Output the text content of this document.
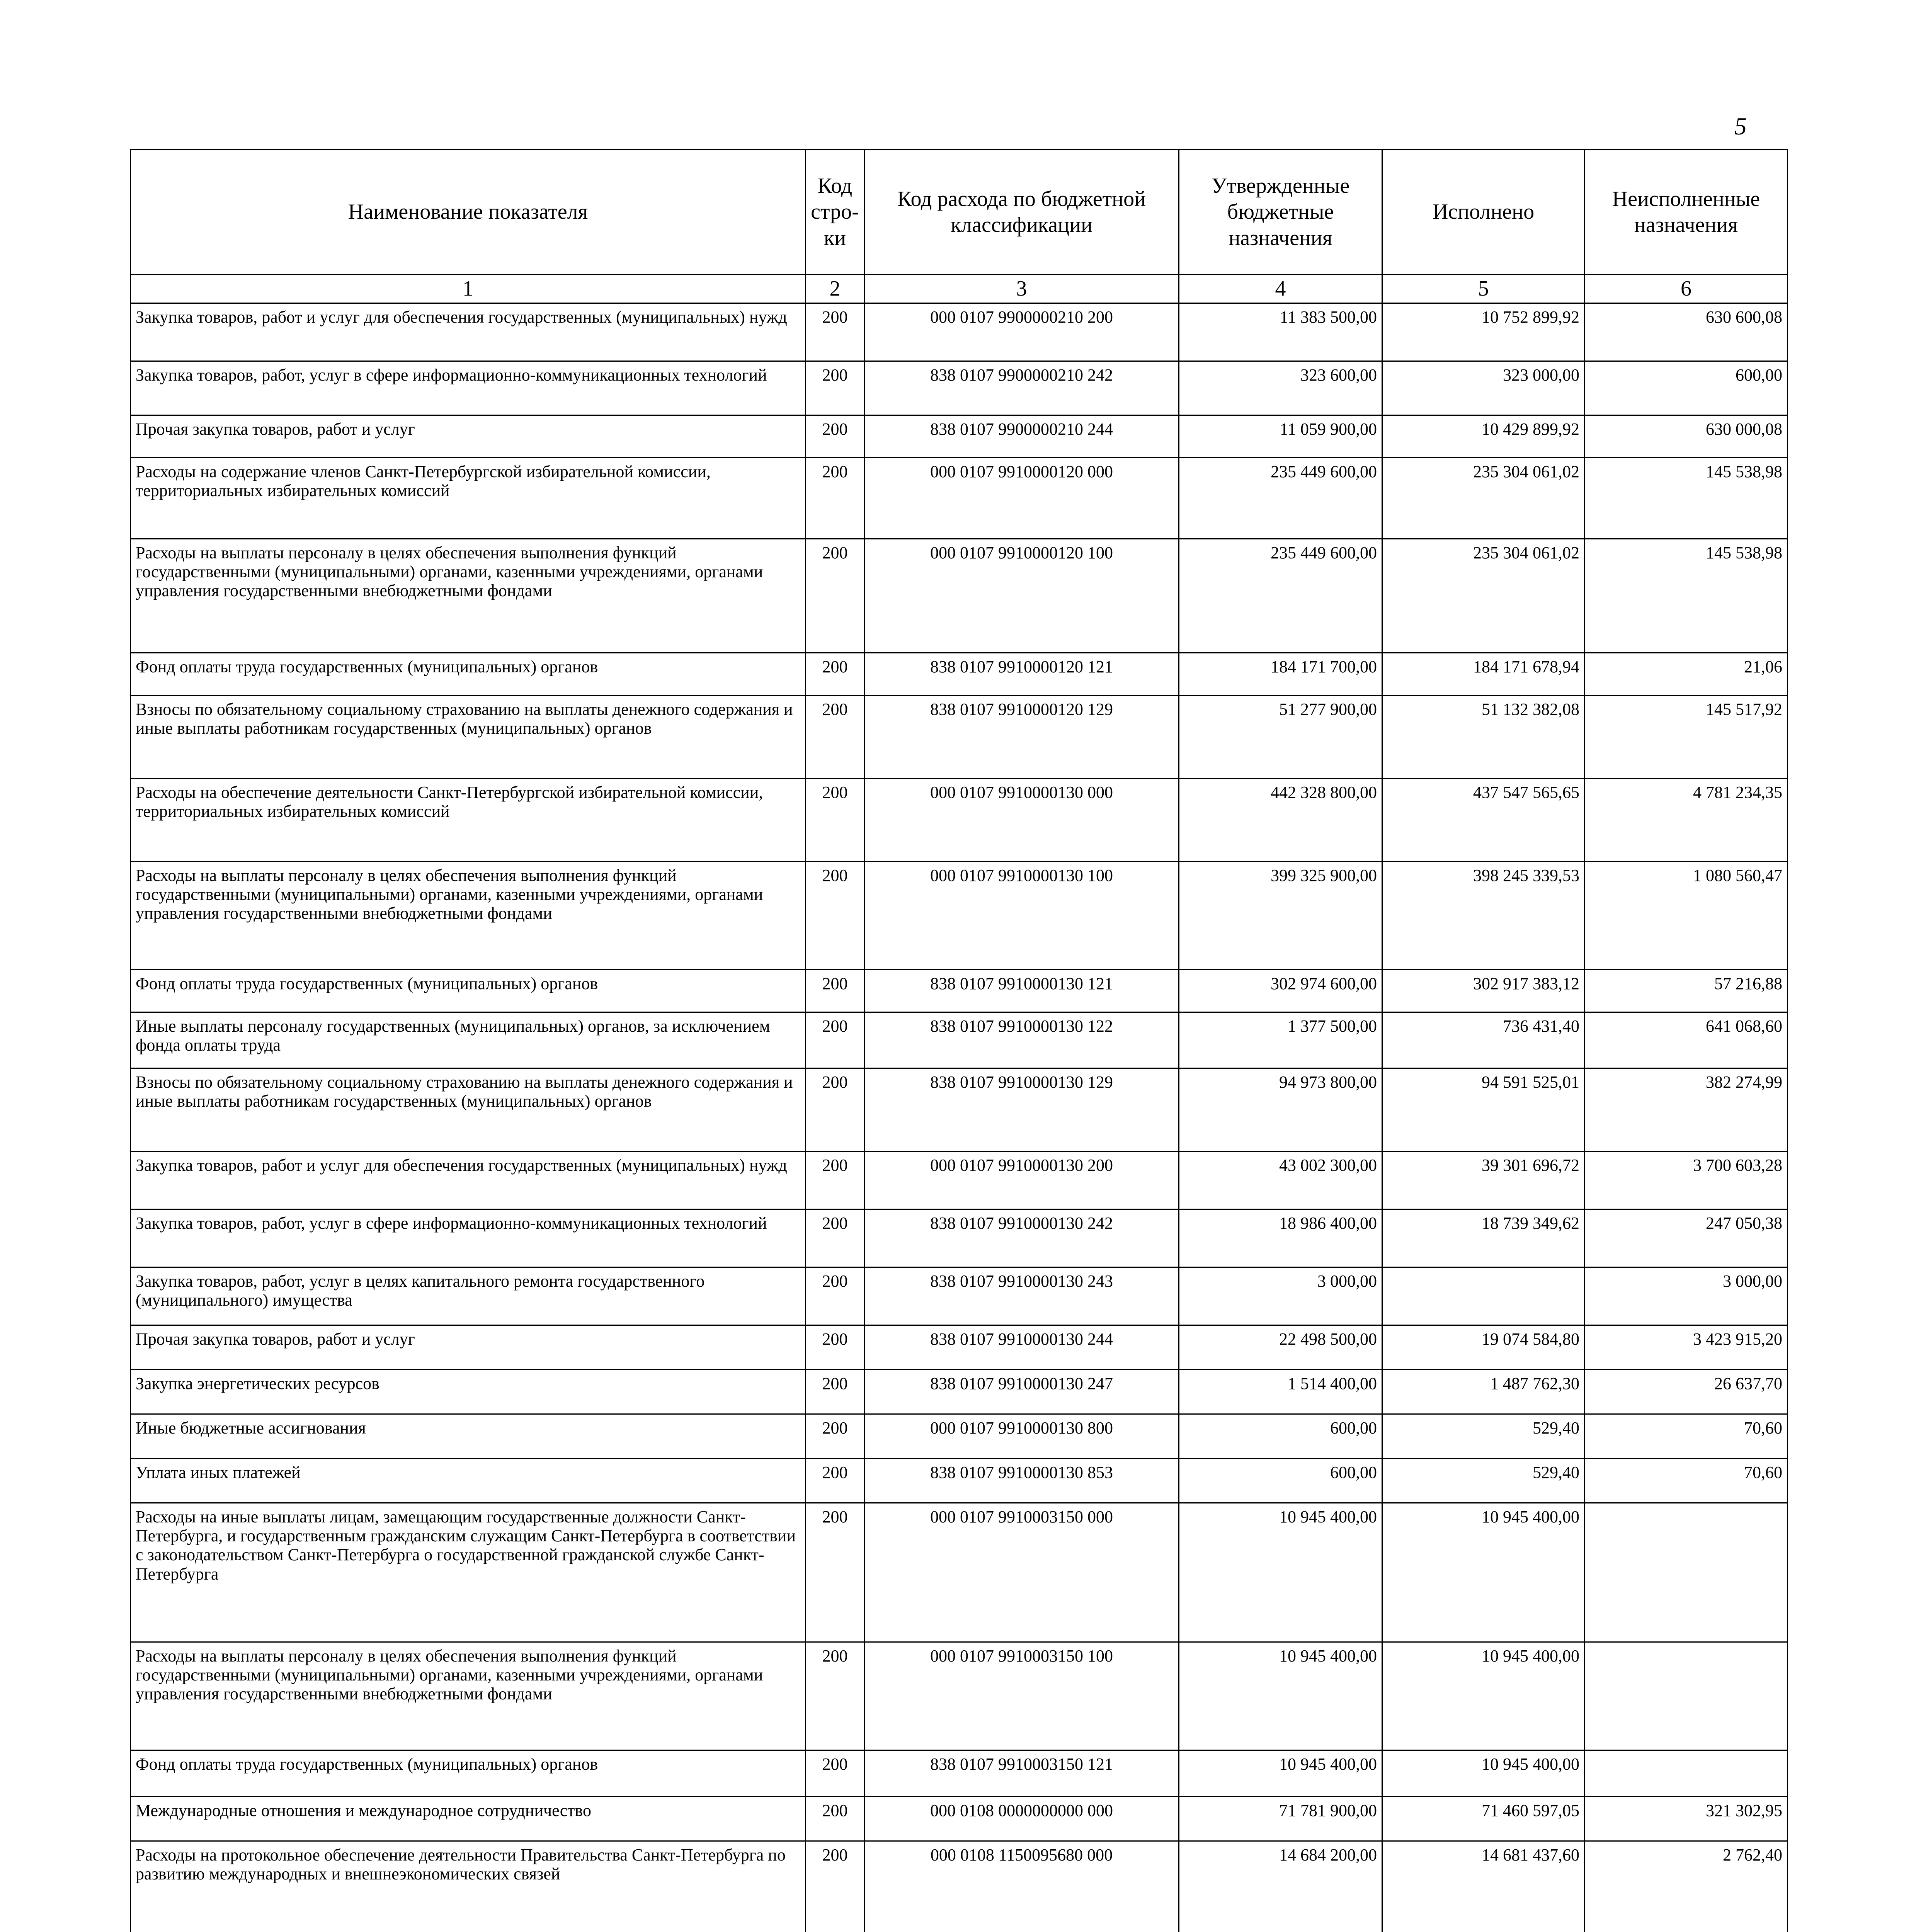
5
Наименование показателя	Код стро-ки	Код расхода по бюджетной классификации	Утвержденные бюджетные назначения	Исполнено	Неисполненные назначения
1	2	3	4	5	6
Закупка товаров, работ и услуг для обеспечения государственных (муниципальных) нужд	200	000 0107 9900000210 200	11 383 500,00	10 752 899,92	630 600,08
Закупка товаров, работ, услуг в сфере информационно-коммуникационных технологий	200	838 0107 9900000210 242	323 600,00	323 000,00	600,00
Прочая закупка товаров, работ и услуг	200	838 0107 9900000210 244	11 059 900,00	10 429 899,92	630 000,08
Расходы на содержание членов Санкт-Петербургской избирательной комиссии, территориальных избирательных комиссий	200	000 0107 9910000120 000	235 449 600,00	235 304 061,02	145 538,98
Расходы на выплаты персоналу в целях обеспечения выполнения функций государственными (муниципальными) органами, казенными учреждениями, органами управления государственными внебюджетными фондами	200	000 0107 9910000120 100	235 449 600,00	235 304 061,02	145 538,98
Фонд оплаты труда государственных (муниципальных) органов	200	838 0107 9910000120 121	184 171 700,00	184 171 678,94	21,06
Взносы по обязательному социальному страхованию на выплаты денежного содержания и иные выплаты работникам государственных (муниципальных) органов	200	838 0107 9910000120 129	51 277 900,00	51 132 382,08	145 517,92
Расходы на обеспечение деятельности Санкт-Петербургской избирательной комиссии, территориальных избирательных комиссий	200	000 0107 9910000130 000	442 328 800,00	437 547 565,65	4 781 234,35
Расходы на выплаты персоналу в целях обеспечения выполнения функций государственными (муниципальными) органами, казенными учреждениями, органами управления государственными внебюджетными фондами	200	000 0107 9910000130 100	399 325 900,00	398 245 339,53	1 080 560,47
Фонд оплаты труда государственных (муниципальных) органов	200	838 0107 9910000130 121	302 974 600,00	302 917 383,12	57 216,88
Иные выплаты персоналу государственных (муниципальных) органов, за исключением фонда оплаты труда	200	838 0107 9910000130 122	1 377 500,00	736 431,40	641 068,60
Взносы по обязательному социальному страхованию на выплаты денежного содержания и иные выплаты работникам государственных (муниципальных) органов	200	838 0107 9910000130 129	94 973 800,00	94 591 525,01	382 274,99
Закупка товаров, работ и услуг для обеспечения государственных (муниципальных) нужд	200	000 0107 9910000130 200	43 002 300,00	39 301 696,72	3 700 603,28
Закупка товаров, работ, услуг в сфере информационно-коммуникационных технологий	200	838 0107 9910000130 242	18 986 400,00	18 739 349,62	247 050,38
Закупка товаров, работ, услуг в целях капитального ремонта государственного (муниципального) имущества	200	838 0107 9910000130 243	3 000,00		3 000,00
Прочая закупка товаров, работ и услуг	200	838 0107 9910000130 244	22 498 500,00	19 074 584,80	3 423 915,20
Закупка энергетических ресурсов	200	838 0107 9910000130 247	1 514 400,00	1 487 762,30	26 637,70
Иные бюджетные ассигнования	200	000 0107 9910000130 800	600,00	529,40	70,60
Уплата иных платежей	200	838 0107 9910000130 853	600,00	529,40	70,60
Расходы на иные выплаты лицам, замещающим государственные должности Санкт-Петербурга, и государственным гражданским служащим Санкт-Петербурга в соответствии с законодательством Санкт-Петербурга о государственной гражданской службе Санкт-Петербурга	200	000 0107 9910003150 000	10 945 400,00	10 945 400,00	
Расходы на выплаты персоналу в целях обеспечения выполнения функций государственными (муниципальными) органами, казенными учреждениями, органами управления государственными внебюджетными фондами	200	000 0107 9910003150 100	10 945 400,00	10 945 400,00	
Фонд оплаты труда государственных (муниципальных) органов	200	838 0107 9910003150 121	10 945 400,00	10 945 400,00	
Международные отношения и международное сотрудничество	200	000 0108 0000000000 000	71 781 900,00	71 460 597,05	321 302,95
Расходы на протокольное обеспечение деятельности Правительства Санкт-Петербурга по развитию международных и внешнеэкономических связей	200	000 0108 1150095680 000	14 684 200,00	14 681 437,60	2 762,40
